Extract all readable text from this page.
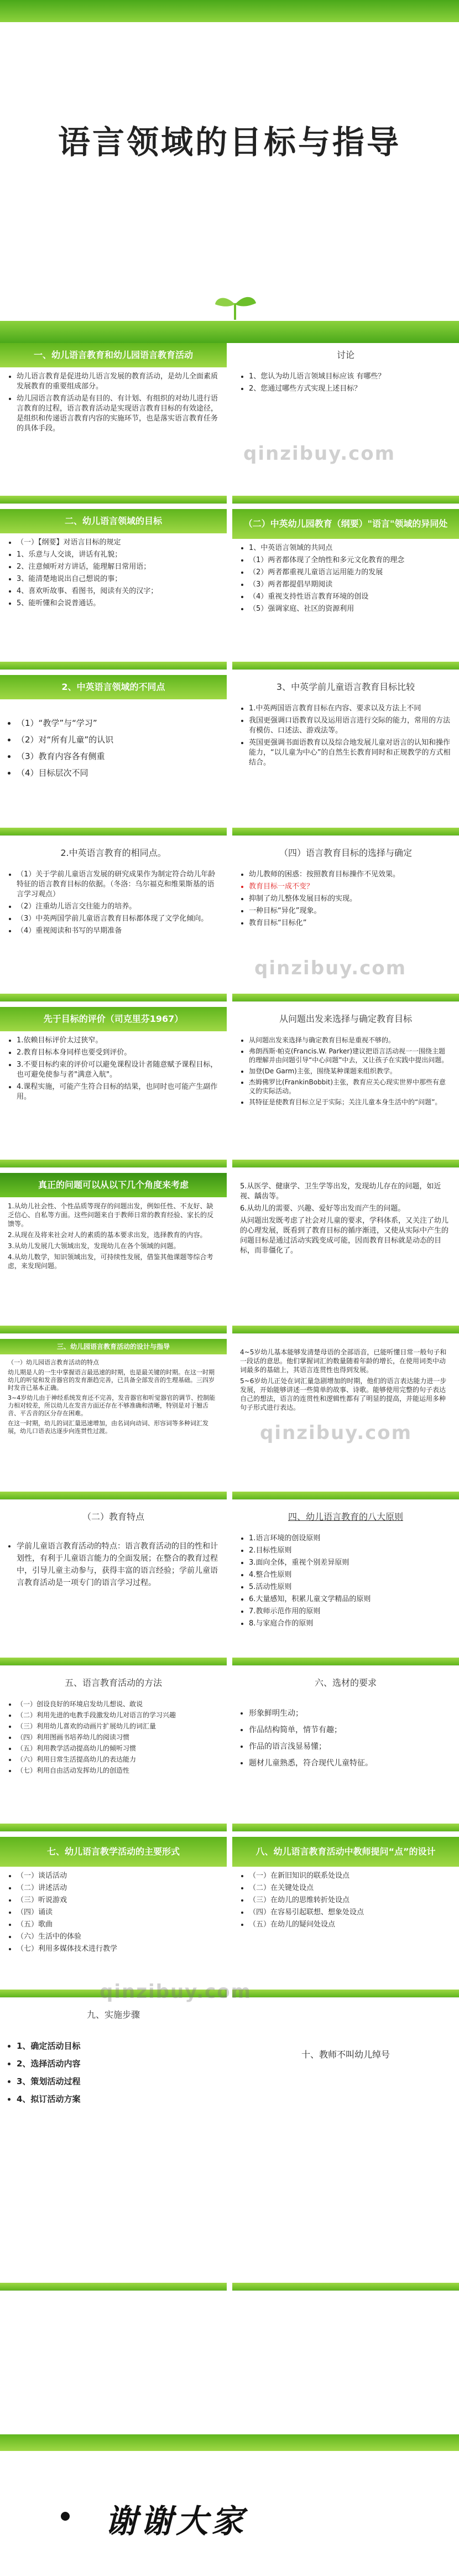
语言领域的目标与指导
一、幼儿语言教育和幼儿园语言教育活动
• 幼儿语言教育是促进幼儿语言发展的教育活动，是幼儿全面素质发展教育的重要组成部分。
• 幼儿园语言教育活动是有目的、有计划、有组织的对幼儿进行语言教育的过程，语言教育活动是实现语言教育目标的有效途径，是组织和传递语言教育内容的实施环节，也是落实语言教育任务的具体手段。
讨论
• 1、您认为幼儿语言领域目标应该 有哪些？
• 2、您通过哪些方式实现上述目标？
qinzibuy.com
二、幼儿语言领域的目标
• （一）【纲要】对语言目标的规定
• 1、乐意与人交谈，讲话有礼貌；
• 2、注意倾听对方讲话，能理解日常用语；
• 3、能清楚地说出自己想说的事；
• 4、喜欢听故事、看图书，阅读有关的汉字；
• 5、能听懂和会说普通话。
（二）中英幼儿园教育（纲要）"语言"领域的异同处
• 1、中英语言领域的共同点
• （1）两者都体现了全纳性和多元文化教育的理念
• （2）两者都重视儿童语言运用能力的发展
• （3）两者都提倡早期阅读
• （4）重视支持性语言教育环境的创设
• （5）强调家庭、社区的资源利用
2、中英语言领域的不同点
• （1）“教学”与“学习”
• （2）对“所有儿童”的认识
• （3）教育内容各有侧重
• （4）目标层次不同
3、中英学前儿童语言教育目标比较
• 1.中英两国语言教育目标在内容、要求以及方法上不同
• 我国更强调口语教育以及运用语言进行交际的能力，常用的方法有模仿、口述法、游戏法等。
• 英国更强调书面语教育以及综合地发展儿童对语言的认知和操作能力，“以儿童为中心”的自然生长教育同时和正规教学的方式相结合。
2.中英语言教育的相同点。
• （1）关于学前儿童语言发展的研究成果作为制定符合幼儿年龄特征的语言教育目标的依据。（冬洛：乌尔福克和维果斯基的语言学习观点）
• （2）注重幼儿语言交往能力的培养。
• （3）中英两国学前儿童语言教育目标都体现了文学化倾向。
• （4）重视阅读和书写的早期准备
（四）语言教育目标的选择与确定
• 幼儿教师的困惑：按照教育目标操作不见效果。
• 教育目标一成不变？
• 抑制了幼儿整体发展目标的实现。
• 一种目标“异化”现象。
• 教育目标“目标化”
qinzibuy.com
先于目标的评价（司克里芬1967）
• 1.依赖目标评价太过狭窄。
• 2.教育目标本身同样也要受到评价。
• 3.不要目标约束的评价可以避免课程设计者随意赋予课程目标，也可避免使参与者"满意入航"。
• 4.课程实施，可能产生符合目标的结果，也同时也可能产生副作用。
从问题出发来选择与确定教育目标
• 从问题出发来选择与确定教育目标是重视不够的。
• 弗朗西斯·帕克(Francis.W. Parker)建议把语言活动视一一围绕主题的理解并由问题引导“中心问题”中去，又让孩子在实践中提出问题。
• 加登(De Garm)主张，围绕某种课题来组织教学。
• 杰姆佛罗比(FrankinBobbit)主张，教育应关心现实世界中那些有意义的实际活动。
• 其特征是使教育目标立足于实际；关注儿童本身生活中的“问题”。
真正的问题可以从以下几个角度来考虑

1.从幼儿社会性、个性品质等现存的问题出发，例如任性、不友好、缺乏信心、自私等方面。这些问题来自于教师日常的教育经验、家长的反馈等。

2.从现在及将来社会对人的素质的基本要求出发，选择教育的内容。

3.从幼儿发展几大领域出发，发现幼儿在各个领域的问题。

4.从幼儿数学，知识领域出发，可持续性发展，借鉴其他课题等综合考虑，来发现问题。

5.从医学、健康学、卫生学等出发，发现幼儿存在的问题，如近视、龋齿等。

6.从幼儿的需要、兴趣、爱好等出发而产生的问题。

从问题出发既考虑了社会对儿童的要求，学科体系，又关注了幼儿的心理发展，既看到了教育目标的循序渐进，又使从实际中产生的问题目标是通过活动实践变成可能，因而教育目标就是动态的目标，而非僵化了。

三、幼儿园语言教育活动的设计与指导

（一）幼儿园语言教育活动的特点

幼儿期是人的一生中掌握语言最迅速的时期，也是最关键的时期。在这一时期幼儿的听觉和发音器官的发育渐趋完善，已具备全部发音的生理基础。三四岁时发音已基本正确。

3~4岁幼儿由于神经系统发育还不完善，发音器官和听觉器官的调节、控制能力相对较差，所以幼儿在发音方面还存在不够准确和清晰，特别是对于翘舌音、平舌音的区分存在困难。

在这一时期，幼儿的词汇量迅速增加，由名词向动词、形容词等多种词汇发展，幼儿口语表达逐步向连贯性过渡。

4~5岁幼儿基本能够发清楚母语的全部语音，已能听懂日常一般句子和一段话的意思。他们掌握词汇的数量随着年龄的增长，在使用词类中动词最多的基础上，其语言连贯性也得到发展。

5~6岁幼儿正处在词汇量急剧增加的时期，他们的语言表达能力进一步发展，开始能够讲述一些简单的故事、诗歌。能够使用完整的句子表达自己的想法，语言的连贯性和逻辑性都有了明显的提高，并能运用多种句子形式进行表达。

qinzibuy.com
（二）教育特点
• 学前儿童语言教育活动的特点：语言教育活动的目的性和计划性，有利于儿童语言能力的全面发展；在整合的教育过程中，引导儿童主动参与，获得丰富的语言经验；学前儿童语言教育活动是一项专门的语言学习过程。
四、幼儿语言教育的八大原则
• 1.语言环境的创设原则
• 2.目标性原则
• 3.面向全体，重视个别差异原则
• 4.整合性原则
• 5.活动性原则
• 6.大量感知，积累儿童文学精品的原则
• 7.教师示范作用的原则
• 8.与家庭合作的原则
五、语言教育活动的方法
• （一）创设良好的环境启发幼儿想说、敢说
• （二）利用先进的电教手段激发幼儿对语言的学习兴趣
• （三）利用幼儿喜欢的动画片扩展幼儿的词汇量
• （四）利用图画书培养幼儿的阅读习惯
• （五）利用教学活动提高幼儿的倾听习惯
• （六）利用日常生活提高幼儿的表达能力
• （七）利用自由活动发挥幼儿的创造性
六、选材的要求
• 形象鲜明生动；
• 作品结构简单，情节有趣；
• 作品的语言浅显易懂；
• 题材儿童熟悉，符合现代儿童特征。
七、幼儿语言教学活动的主要形式
• （一）谈话活动
• （二）讲述活动
• （三）听说游戏
• （四）诵读
• （五）歌曲
• （六）生活中的体验
• （七）利用多媒体技术进行教学
八、幼儿语言教育活动中教师提问“点”的设计
• （一）在新旧知识的联系处设点
• （二）在关键处设点
• （三）在幼儿的思维转折处设点
• （四）在容易引起联想、想象处设点
• （五）在幼儿的疑问处设点
九、实施步骤
• 1、确定活动目标
• 2、选择活动内容
• 3、策划活动过程
• 4、拟订活动方案
qinzibuy.com

十、教师不叫幼儿绰号

谢谢大家
